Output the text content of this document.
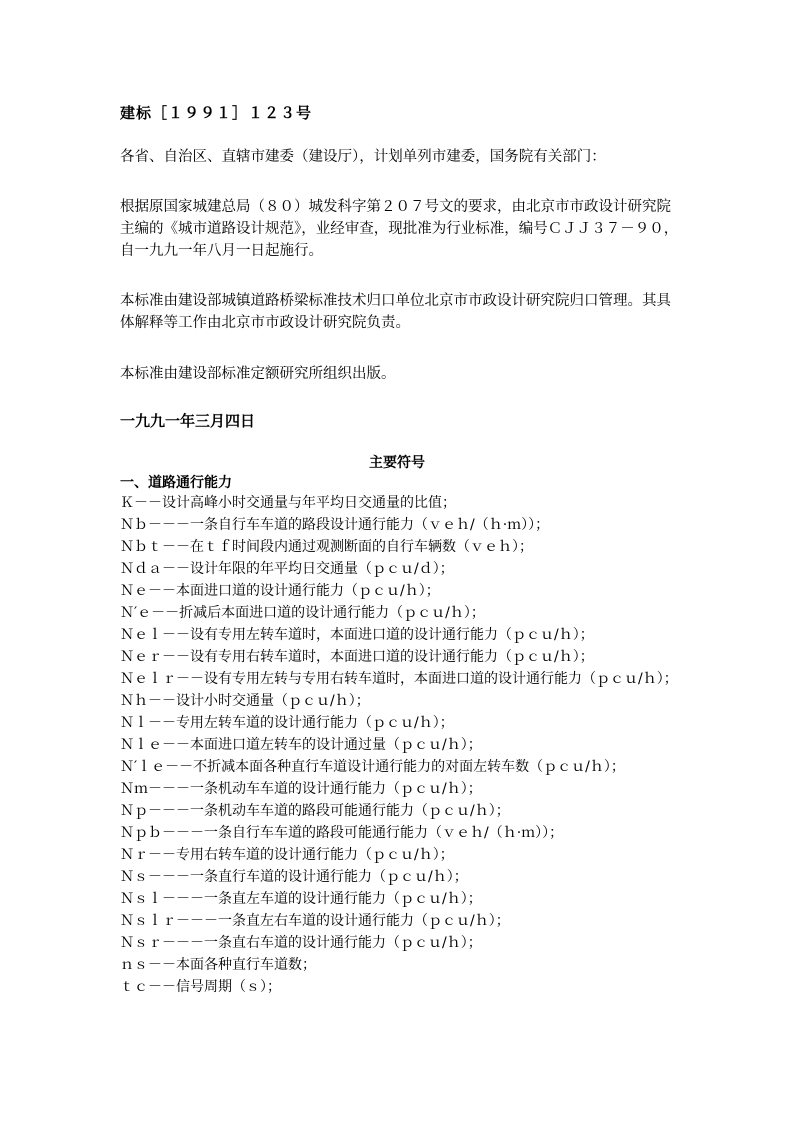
建标［１９９１］１２３号

各省、自治区、直辖市建委（建设厅），计划单列市建委，国务院有关部门：

根据原国家城建总局（８０）城发科字第２０７号文的要求，由北京市市政设计研究院主编的《城市道路设计规范》，业经审查，现批准为行业标准，编号ＣＪＪ３７－９０，自一九九一年八月一日起施行。

本标准由建设部城镇道路桥梁标准技术归口单位北京市市政设计研究院归口管理。其具体解释等工作由北京市市政设计研究院负责。

本标准由建设部标准定额研究所组织出版。

一九九一年三月四日
主要符号
一、道路通行能力
Ｋ－－设计高峰小时交通量与年平均日交通量的比值；
Ｎｂ－－－一条自行车车道的路段设计通行能力（ｖｅｈ/（ｈ·ｍ））；
Ｎｂｔ－－在ｔｆ时间段内通过观测断面的自行车辆数（ｖｅｈ）；
Ｎｄａ－－设计年限的年平均日交通量（ｐｃｕ/ｄ）；
Ｎｅ－－本面进口道的设计通行能力（ｐｃｕ/ｈ）；
Ｎ′ｅ－－折减后本面进口道的设计通行能力（ｐｃｕ/ｈ）；
Ｎｅｌ－－设有专用左转车道时，本面进口道的设计通行能力（ｐｃｕ/ｈ）；
Ｎｅｒ－－设有专用右转车道时，本面进口道的设计通行能力（ｐｃｕ/ｈ）；
Ｎｅｌｒ－－设有专用左转与专用右转车道时，本面进口道的设计通行能力（ｐｃｕ/ｈ）；
Ｎｈ－－设计小时交通量（ｐｃｕ/ｈ）；
Ｎｌ－－专用左转车道的设计通行能力（ｐｃｕ/ｈ）；
Ｎｌｅ－－本面进口道左转车的设计通过量（ｐｃｕ/ｈ）；
Ｎ′ｌｅ－－不折减本面各种直行车道设计通行能力的对面左转车数（ｐｃｕ/ｈ）；
Ｎｍ－－－一条机动车车道的设计通行能力（ｐｃｕ/ｈ）；
Ｎｐ－－－一条机动车车道的路段可能通行能力（ｐｃｕ/ｈ）；
Ｎｐｂ－－－一条自行车车道的路段可能通行能力（ｖｅｈ/（ｈ·ｍ））；
Ｎｒ－－专用右转车道的设计通行能力（ｐｃｕ/ｈ）；
Ｎｓ－－－一条直行车道的设计通行能力（ｐｃｕ/ｈ）；
Ｎｓｌ－－－一条直左车道的设计通行能力（ｐｃｕ/ｈ）；
Ｎｓｌｒ－－－一条直左右车道的设计通行能力（ｐｃｕ/ｈ）；
Ｎｓｒ－－－一条直右车道的设计通行能力（ｐｃｕ/ｈ）；
ｎｓ－－本面各种直行车道数；
ｔｃ－－信号周期（ｓ）；
